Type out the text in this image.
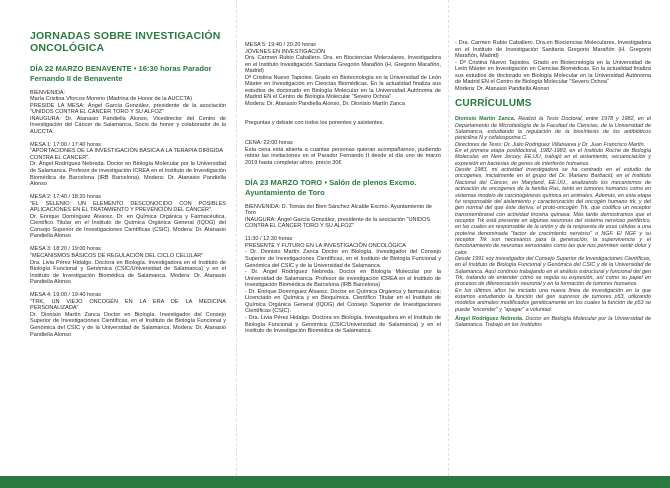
JORNADAS SOBRE INVESTIGACIÓN ONCOLÓGICA
DÍA 22 MARZO BENAVENTE • 16:30 horas Parador Fernando II de Benavente

BIENVENIDA:

María Cristina Vforcos Moreno (Madrina de Honor de la AUCCTA)

PRESIDE LA MESA: Ángel García González, presidente de la asociación "UNIDOS CONTRA EL CÁNCER TORO Y SU ALFOZ"

INAUGURA: Dr. Atanasio Pandiella Alonso, Vicedirector del Centro de Investigación del Cáncer de Salamanca, Socio de honor y colaborador de la AUCCTA.

MESA 1: 17:00 / 17:40 horas

"APORTACIONES DE LA INVESTIGACIÓN BÁSICA A LA TERAPIA DIRIGIDA CONTRA EL CÁNCER".

Dr. Ángel Rodríguez Nebreda. Doctor en Biología Molecular por la Universidad de Salamanca. Profesor de investigación ICREA en el Instituto de Investigación Biomédica de Barcelona (IRB Barcelona). Modera: Dr. Atanasio Pandiella Alonso

MESA 2: 17:40 / 18:20 horas

"EL SELENIO: UN ELEMENTO DESCONOCIDO CON POSIBLES APLICACIONES EN EL TRATAMIENTO Y PREVENCIÓN DEL CÁNCER".

Dr. Enrique Domínguez Álvarez. Dr. en Química Orgánica y Farmacéutica. Científico Titular en el Instituto de Química Orgánica General (IQOG) del Consejo Superior de Investigaciones Científicas (CSIC). Modera: Dr. Atanasio Pandiella Alonso

MESA 3: 18:20 / 19:00 horas

"MECANISMOS BÁSICOS DE REGULACIÓN DEL CICLO CELULAR"

Dra. Livia Pérez Hidalgo. Doctora en Biología. Investigadora en el Instituto de Biología Funcional y Genómica (CSIC/Universidad de Salamanca) y en el Instituto de Investigación Biomédica de Salamanca. Modera: Dr. Atanasio Pandiella Alonso

MESA 4: 19:00 / 19:40 horas

"TRK, UN VIEJO ONCOGÉN EN LA ERA DE LA MEDICINA PERSONALIZADA"

Dr. Dionisio Martín Zanca Doctor en Biología. Investigador del Consejo Superior de Investigaciones Científicas, en el Instituto de Biología Funcional y Genómica del CSIC y de la Universidad de Salamanca. Modera: Dr. Atanasio Pandiella Alonso

MESA 5: 19:40 / 20:20 horas

JÓVENES EN INVESTIGACIÓN

Dra. Carmen Rubio Caballero. Dra. en Biociencias Moleculares, Investigadora en el Instituto Investigación Sanitaria Gregorio Marañón (H. Gregorio Marañón, Madrid)

Dª Cristina Nuevo Tapioles. Grado en Biotecnología en la Universidad de León Máster en Investigación en Ciencias Biomédicas. En la actualidad finaliza sus estudios de doctorado en Biología Molecular en la Universidad Autónoma de Madrid EN el Centro de Biología Molecular "Severo Ochoa"

Modera: Dr. Atanasio Pandiella Alonso, Dr. Dionisio Martín Zanca

Preguntas y debate con todos los ponentes y asistentes.

CENA: 22:00 horas

Esta cena está abierta a cuantas personas quieran acompañarnos, pudiendo retirar las invitaciones en el Parador Fernando II desde el día uno de marzo 2019 hasta completar aforo, precio 30€

DÍA 23 MARZO TORO • Salón de plenos Excmo. Ayuntamiento de Toro

BIENVENIDA: D. Tomás del Bien Sánchez Alcalde Excmo. Ayuntamiento de Toro

INAUGURA: Ángel García González, presidente de la asociación "UNIDOS CONTRA EL CÁNCER TORO Y SU ALFOZ"

11:30 / 12:30 horas

PRESENTE Y FUTURO EN LA INVESTIGACIÓN ONCOLÓGICA

- Dr. Dionisio Martín Zanca Doctor en Biología. Investigador del Consejo Superior de Investigaciones Científicas, en el Instituto de Biología Funcional y Genómica del CSIC y de la Universidad de Salamanca.

- Dr. Ángel Rodríguez Nebreda. Doctor en Biología Molecular por la Universidad de Salamanca. Profesor de investigación ICREA en el Instituto de Investigación Biomédica de Barcelona (IRB Barcelona)

- Dr. Enrique Domínguez Álvarez. Doctor en Química Orgánica y farmacéutica; Licenciado en Química y en Bioquímica. Científico Titular en el Instituto de Química Orgánica General (IQOG) del Consejo Superior de Investigaciones Científicas (CSIC).

- Dra. Livia Pérez Hidalgo. Doctora en Biología. Investigadora en el Instituto de Biología Funcional y Genómica (CSIC/Universidad de Salamanca) y en el Instituto de Investigación Biomédica de Salamanca.

- Dra. Carmen Rubio Caballero. Dra.en Biociencias Moleculares, Investigadora en el Instituto de Investigación Sanitaria Gregorio Marañón (H. Gregorio Marañón, Madrid)

- Dª Cristina Nuevo Tapioles. Grado en Biotecnología en la Universidad de León Máster en Investigación en Ciencias Biomédicas. En la actualidad finaliza sus estudios de doctorado en Biología Molecular en la Universidad Autónoma de Madrid EN el Centro de Biología Molecular "Severo Ochoa"

Modera: Dr. Atanasio Pandiella Alonso

CURRÍCULUMS

Dionisio Martín Zanca. Realizó la Tesis Doctoral, entre 1978 y 1982, en el Departamento de Microbiología de la Facultad de Ciencias, de la Universidad de Salamanca, estudiando la regulación de la biosíntesis de los antibióticos penicilina N y cefalosporina C.

Directores de Tesis: Dr. Julio Rodríguez Villanueva y Dr. Juan Francisco Martín.

En el primera etapa postdoctoral, 1982-1983, en el Instituto Roche de Biología Molecular, en New Jersey, EE.UU, trabajó en el aislamiento, secuenciación y expresión en bacterias de genes de interferón humanos.

Desde 1983, mi actividad investigadora se ha centrado en el estudio de oncogenes, inicialmente en el grupo del Dr. Mariano Barbacid, en el Instituto Nacional del Cáncer, en Maryland, EE.UU., analizando los mecanismos de activación de oncogenes de la familia Ras, tanto en tumores humanos como en sistemas modelo de carcinogénesis química en animales. Además, en esta etapa fui responsable del aislamiento y caracterización del oncogén humano trk, y del gen normal del que éste deriva, el proto-oncogén Trk, que codifica un receptor transmembranal con actividad tirosina quinasa. Más tarde demostramos que el receptor Trk está presente en algunas neuronas del sistema nervioso periférico, en las cuales es responsable de la unión y de la respuesta de esas células a una proteína denominada "factor de crecimiento nervioso" o NGF. El NGF y su receptor Trk son necesarios para la generación, la supervivencia y el funcionamiento de neuronas sensoriales como las que nos permiten sentir dolor y calor.

Desde 1991 soy investigador del Consejo Superior de Investigaciones Científicas, en el Instituto de Biología Funcional y Genómica del CSIC y de la Universidad de Salamanca. Aquí continúo trabajando en el análisis estructural y funcional del gen Trk, tratando de entender cómo se regula su expresión, así como su papel en procesos de diferenciación neuronal y en la formación de tumores humanos.

En los últimos años he iniciado una nueva línea de investigación en la que estamos estudiando la función del gen supresor de tumores p53, utilizando modelos animales modificados genéticamente en los cuales la función de p53 se puede "encender" y "apagar" a voluntad.

Ángel Rodríguez Nebreda. Doctor en Biología Molecular por la Universidad de Salamanca. Trabajó en los Institutos
